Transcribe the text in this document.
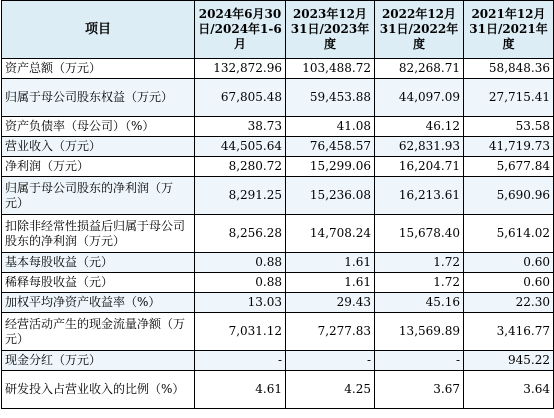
项目	2024年6月30日/2024年1-6月	2023年12月31日/2023年度	2022年12月31日/2022年度	2021年12月31日/2021年度
资产总额（万元）	132,872.96	103,488.72	82,268.71	58,848.36
归属于母公司股东权益（万元）	67,805.48	59,453.88	44,097.09	27,715.41
资产负债率（母公司）（%）	38.73	41.08	46.12	53.58
营业收入（万元）	44,505.64	76,458.57	62,831.93	41,719.73
净利润（万元）	8,280.72	15,299.06	16,204.71	5,677.84
归属于母公司股东的净利润（万元）	8,291.25	15,236.08	16,213.61	5,690.96
扣除非经常性损益后归属于母公司股东的净利润（万元）	8,256.28	14,708.24	15,678.40	5,614.02
基本每股收益（元）	0.88	1.61	1.72	0.60
稀释每股收益（元）	0.88	1.61	1.72	0.60
加权平均净资产收益率（%）	13.03	29.43	45.16	22.30
经营活动产生的现金流量净额（万元）	7,031.12	7,277.83	13,569.89	3,416.77
现金分红（万元）	-	-	-	945.22
研发投入占营业收入的比例（%）	4.61	4.25	3.67	3.64
